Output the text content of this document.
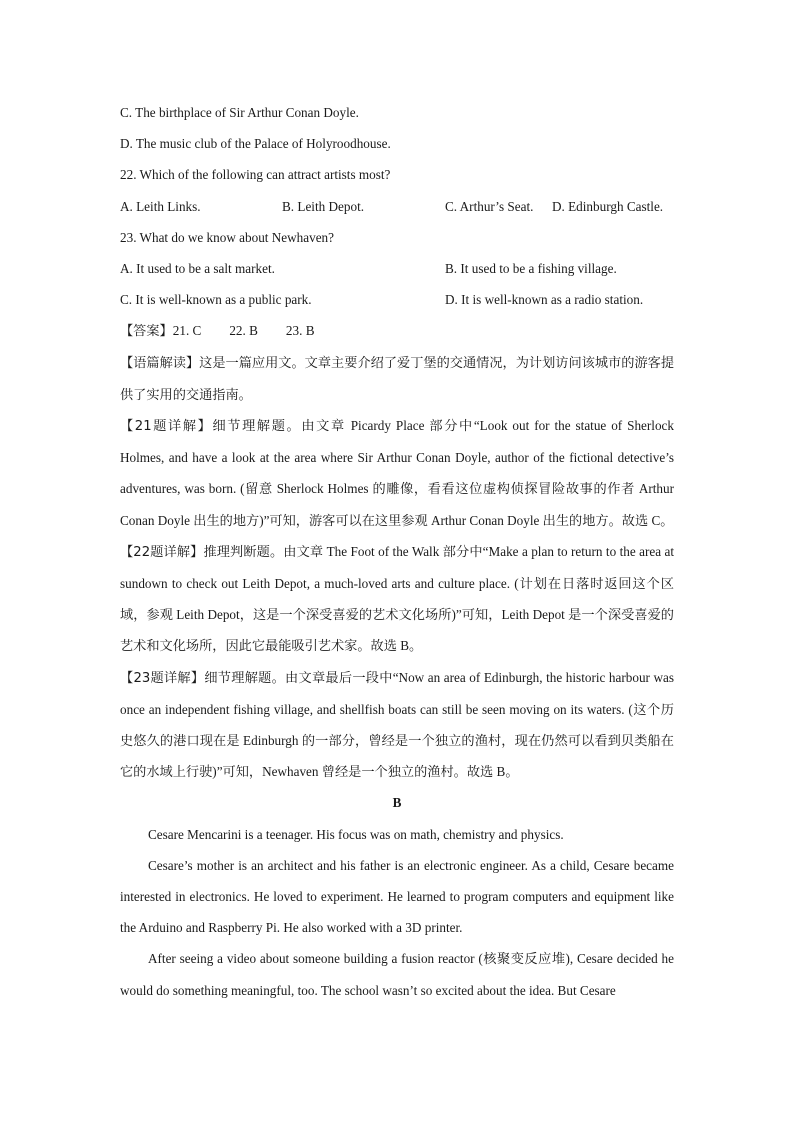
C. The birthplace of Sir Arthur Conan Doyle.
D. The music club of the Palace of Holyroodhouse.
22. Which of the following can attract artists most?
A. Leith Links.	B. Leith Depot.	C. Arthur’s Seat. D. Edinburgh Castle.
23. What do we know about Newhaven?
A. It used to be a salt market.	B. It used to be a fishing village.
C. It is well-known as a public park.	D. It is well-known as a radio station.
【答案】21. C 22. B 23. B

【语篇解读】这是一篇应用文。文章主要介绍了爱丁堡的交通情况，为计划访问该城市的游客提供了实用的交通指南。

【21题详解】细节理解题。由文章 Picardy Place 部分中“Look out for the statue of Sherlock Holmes, and have a look at the area where Sir Arthur Conan Doyle, author of the fictional detective’s adventures, was born. (留意 Sherlock Holmes 的雕像，看看这位虚构侦探冒险故事的作者 Arthur Conan Doyle 出生的地方)”可知，游客可以在这里参观 Arthur Conan Doyle 出生的地方。故选 C。

【22题详解】推理判断题。由文章 The Foot of the Walk 部分中“Make a plan to return to the area at sundown to check out Leith Depot, a much-loved arts and culture place. (计划在日落时返回这个区域，参观 Leith Depot，这是一个深受喜爱的艺术文化场所)”可知，Leith Depot 是一个深受喜爱的艺术和文化场所，因此它最能吸引艺术家。故选 B。

【23题详解】细节理解题。由文章最后一段中“Now an area of Edinburgh, the historic harbour was once an independent fishing village, and shellfish boats can still be seen moving on its waters. (这个历史悠久的港口现在是 Edinburgh 的一部分，曾经是一个独立的渔村，现在仍然可以看到贝类船在它的水域上行驶)”可知，Newhaven 曾经是一个独立的渔村。故选 B。

B

Cesare Mencarini is a teenager. His focus was on math, chemistry and physics.

Cesare’s mother is an architect and his father is an electronic engineer. As a child, Cesare became interested in electronics. He loved to experiment. He learned to program computers and equipment like the Arduino and Raspberry Pi. He also worked with a 3D printer.

After seeing a video about someone building a fusion reactor (核聚变反应堆), Cesare decided he would do something meaningful, too. The school wasn’t so excited about the idea. But Cesare
